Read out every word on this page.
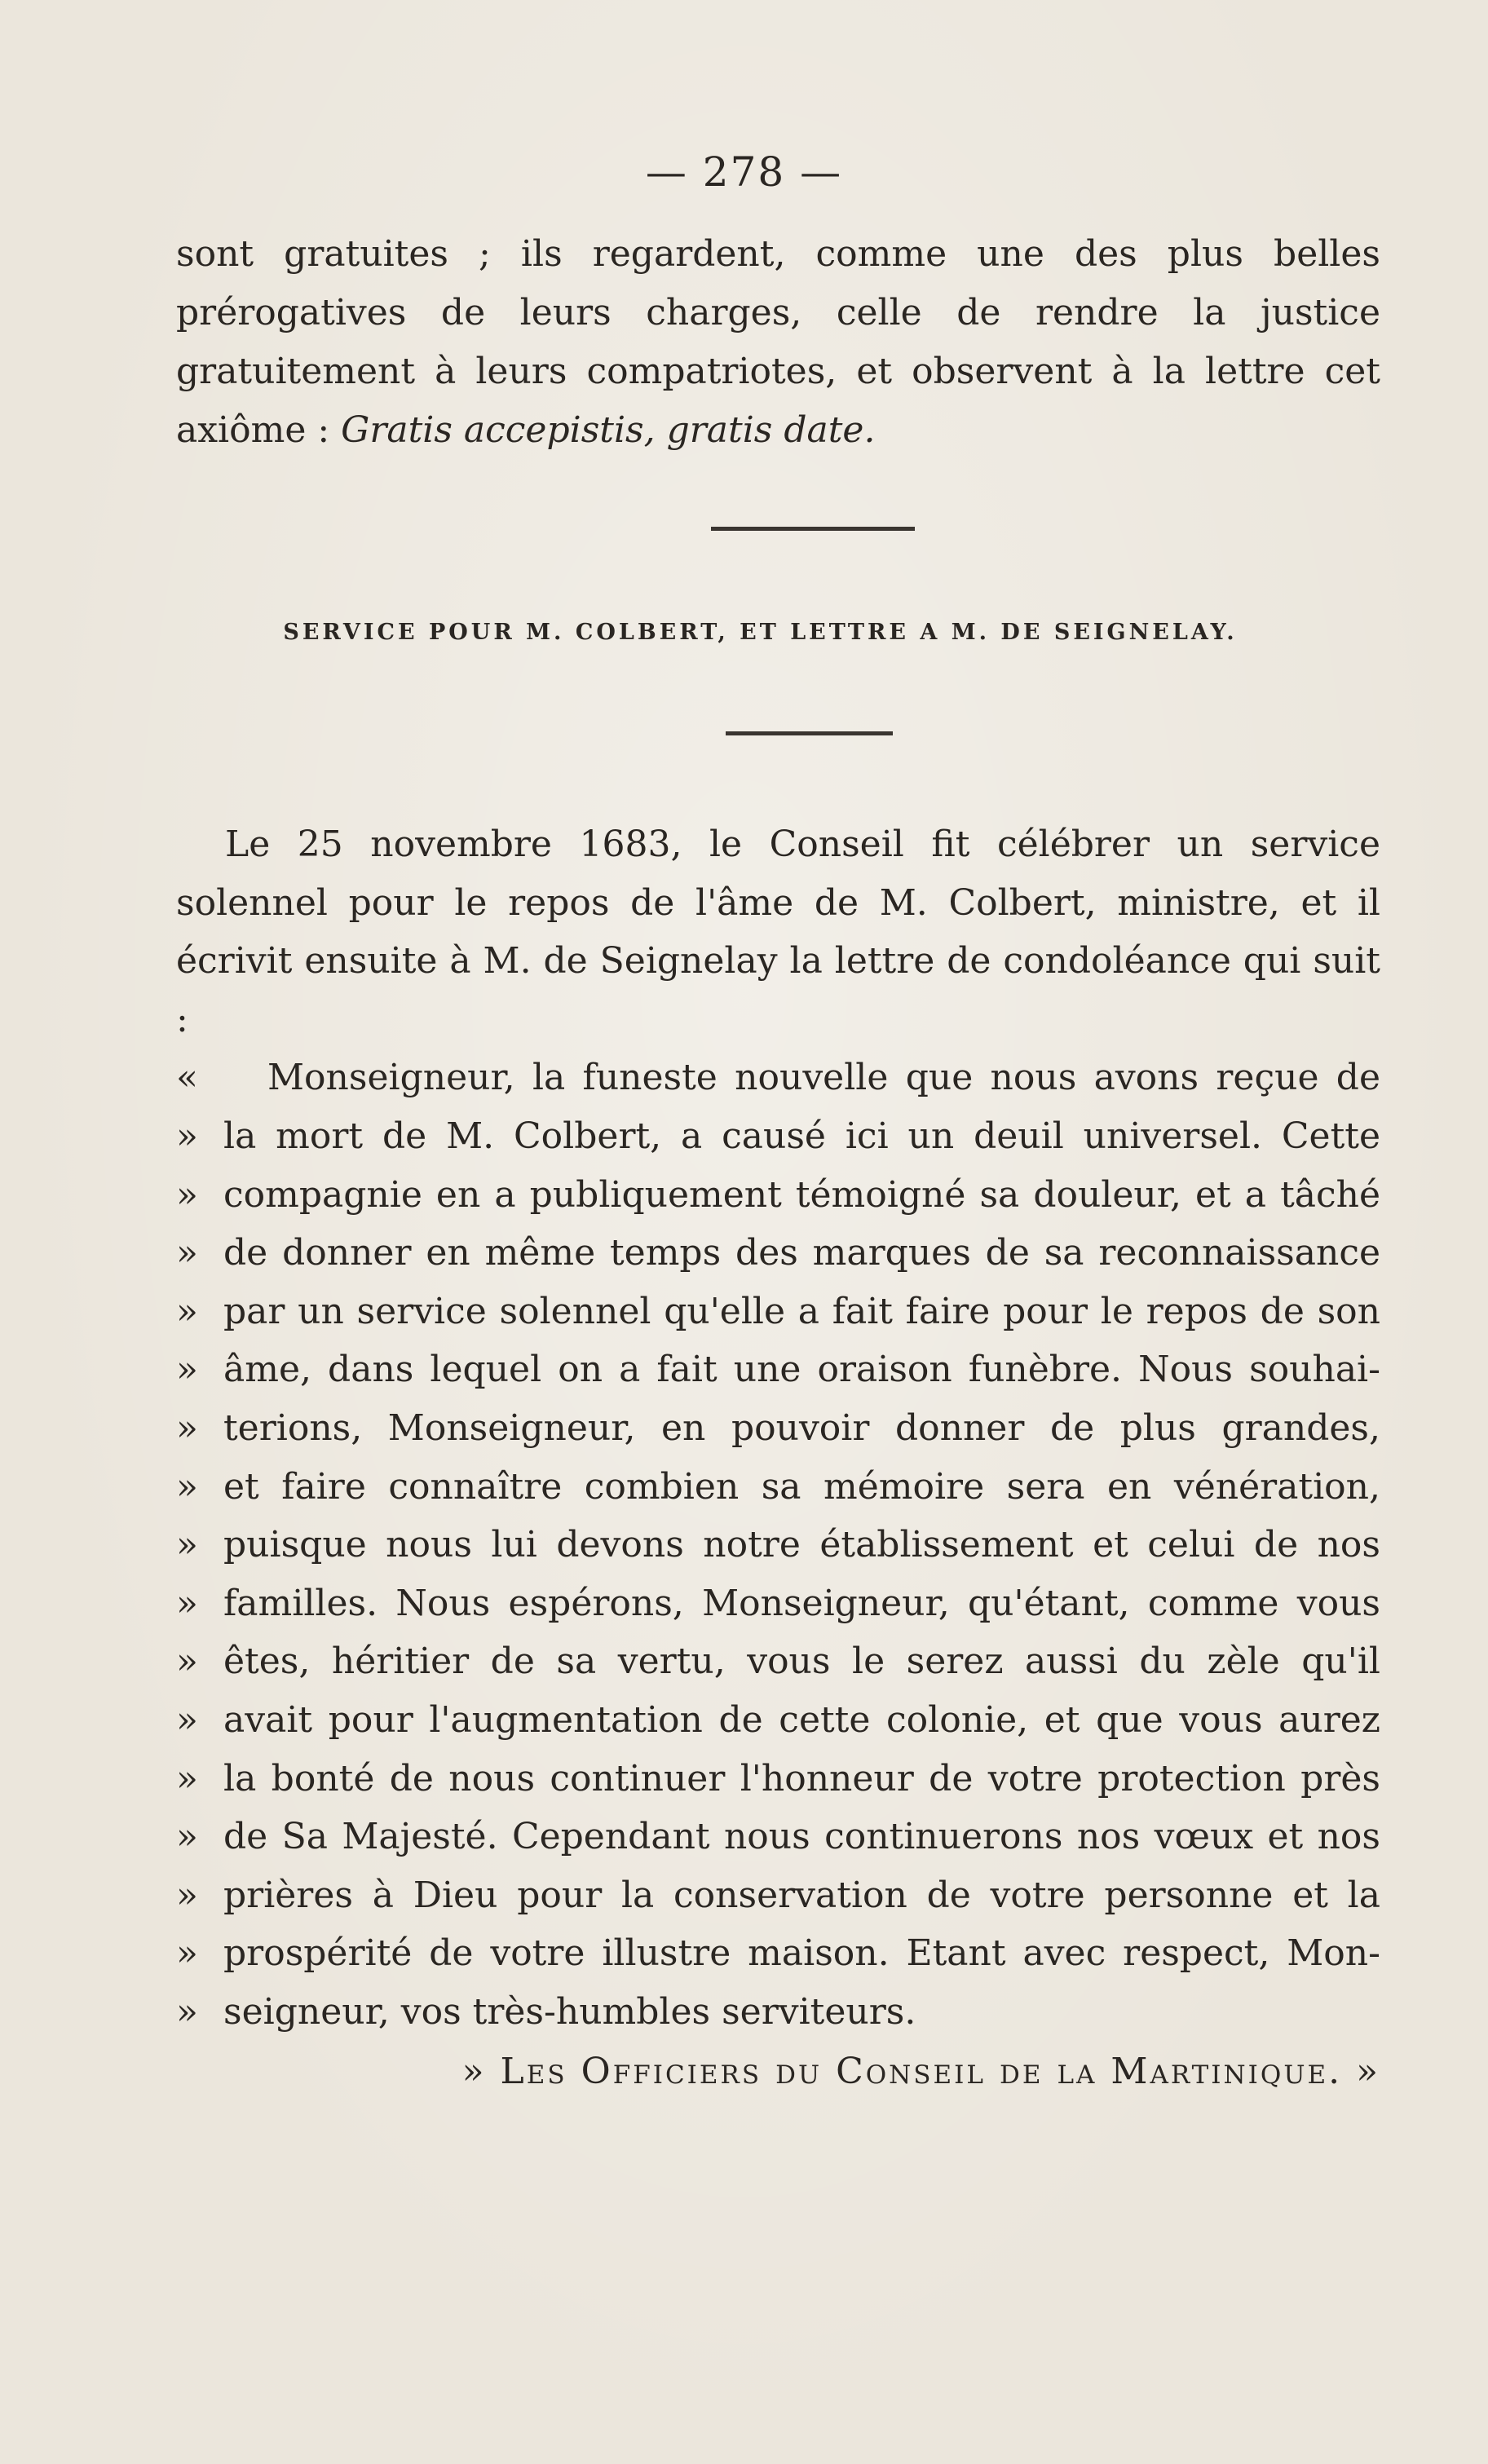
— 278 —

sont gratuites ; ils regardent, comme une des plus belles prérogatives de leurs charges, celle de rendre la justice gratuitement à leurs compatriotes, et observent à la lettre cet axiôme : Gratis accepistis, gratis date.

SERVICE POUR M. COLBERT, ET LETTRE A M. DE SEIGNELAY.

Le 25 novembre 1683, le Conseil fit célébrer un service solennel pour le repos de l'âme de M. Colbert, ministre, et il écrivit ensuite à M. de Seignelay la lettre de condoléance qui suit :

«	Monseigneur, la funeste nouvelle que nous avons reçue de

» la mort de M. Colbert, a causé ici un deuil universel. Cette

» compagnie en a publiquement témoigné sa douleur, et a tâché

» de donner en même temps des marques de sa reconnaissance

» par un service solennel qu'elle a fait faire pour le repos de son

» âme, dans lequel on a fait une oraison funèbre. Nous souhai-

» terions, Monseigneur, en pouvoir donner de plus grandes,

» et faire connaître combien sa mémoire sera en vénération,

» puisque nous lui devons notre établissement et celui de nos

» familles. Nous espérons, Monseigneur, qu'étant, comme vous

» êtes, héritier de sa vertu, vous le serez aussi du zèle qu'il

» avait pour l'augmentation de cette colonie, et que vous aurez

» la bonté de nous continuer l'honneur de votre protection près

» de Sa Majesté. Cependant nous continuerons nos vœux et nos

» prières à Dieu pour la conservation de votre personne et la

» prospérité de votre illustre maison. Etant avec respect, Mon-

» seigneur, vos très-humbles serviteurs.

» Les Officiers du Conseil de la Martinique. »
